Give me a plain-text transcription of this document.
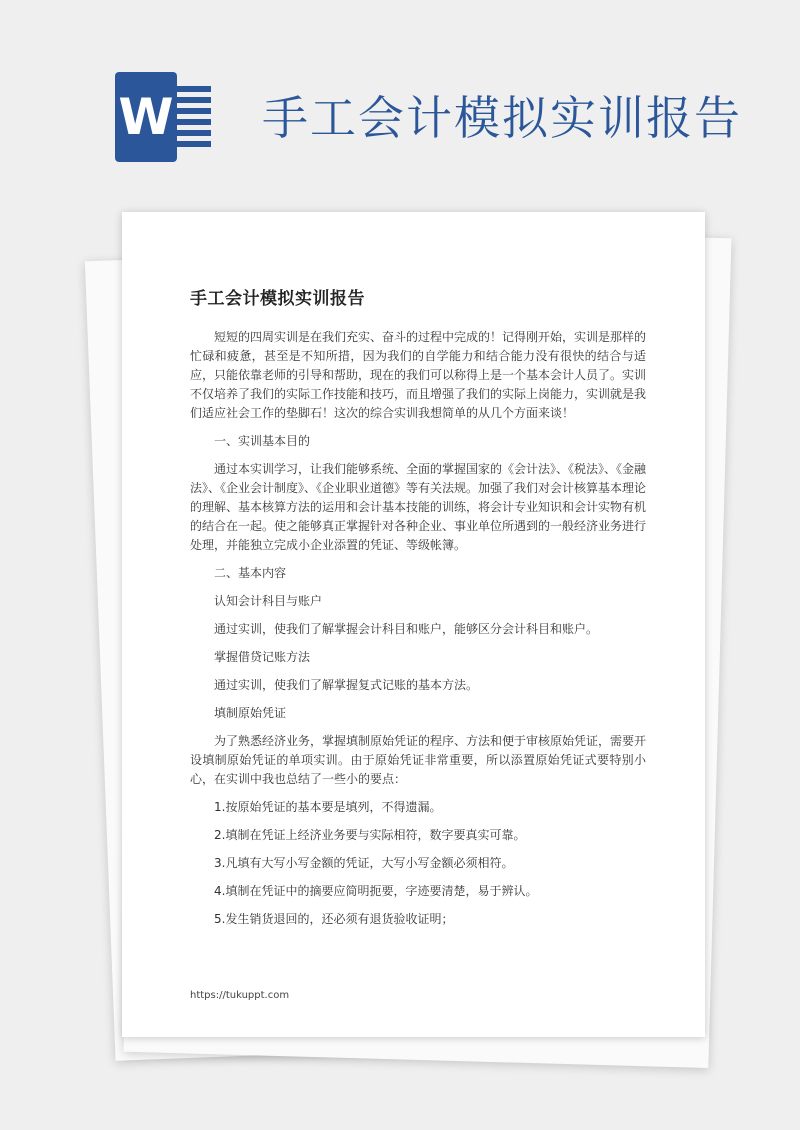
W 手工会计模拟实训报告
手工会计模拟实训报告

短短的四周实训是在我们充实、奋斗的过程中完成的！记得刚开始，实训是那样的忙碌和疲惫，甚至是不知所措，因为我们的自学能力和结合能力没有很快的结合与适应，只能依靠老师的引导和帮助，现在的我们可以称得上是一个基本会计人员了。实训不仅培养了我们的实际工作技能和技巧，而且增强了我们的实际上岗能力，实训就是我们适应社会工作的垫脚石！这次的综合实训我想简单的从几个方面来谈！

一、实训基本目的

通过本实训学习，让我们能够系统、全面的掌握国家的《会计法》、《税法》、《金融法》、《企业会计制度》、《企业职业道德》等有关法规。加强了我们对会计核算基本理论的理解、基本核算方法的运用和会计基本技能的训练，将会计专业知识和会计实物有机的结合在一起。使之能够真正掌握针对各种企业、事业单位所遇到的一般经济业务进行处理，并能独立完成小企业添置的凭证、等级帐簿。

二、基本内容

认知会计科目与账户

通过实训，使我们了解掌握会计科目和账户，能够区分会计科目和账户。

掌握借贷记账方法

通过实训，使我们了解掌握复式记账的基本方法。

填制原始凭证

为了熟悉经济业务，掌握填制原始凭证的程序、方法和便于审核原始凭证，需要开设填制原始凭证的单项实训。由于原始凭证非常重要，所以添置原始凭证式要特别小心，在实训中我也总结了一些小的要点：

1.按原始凭证的基本要是填列，不得遗漏。

2.填制在凭证上经济业务要与实际相符，数字要真实可靠。

3.凡填有大写小写金额的凭证，大写小写金额必须相符。

4.填制在凭证中的摘要应简明扼要，字迹要清楚，易于辨认。

5.发生销货退回的，还必须有退货验收证明；

https://tukuppt.com
